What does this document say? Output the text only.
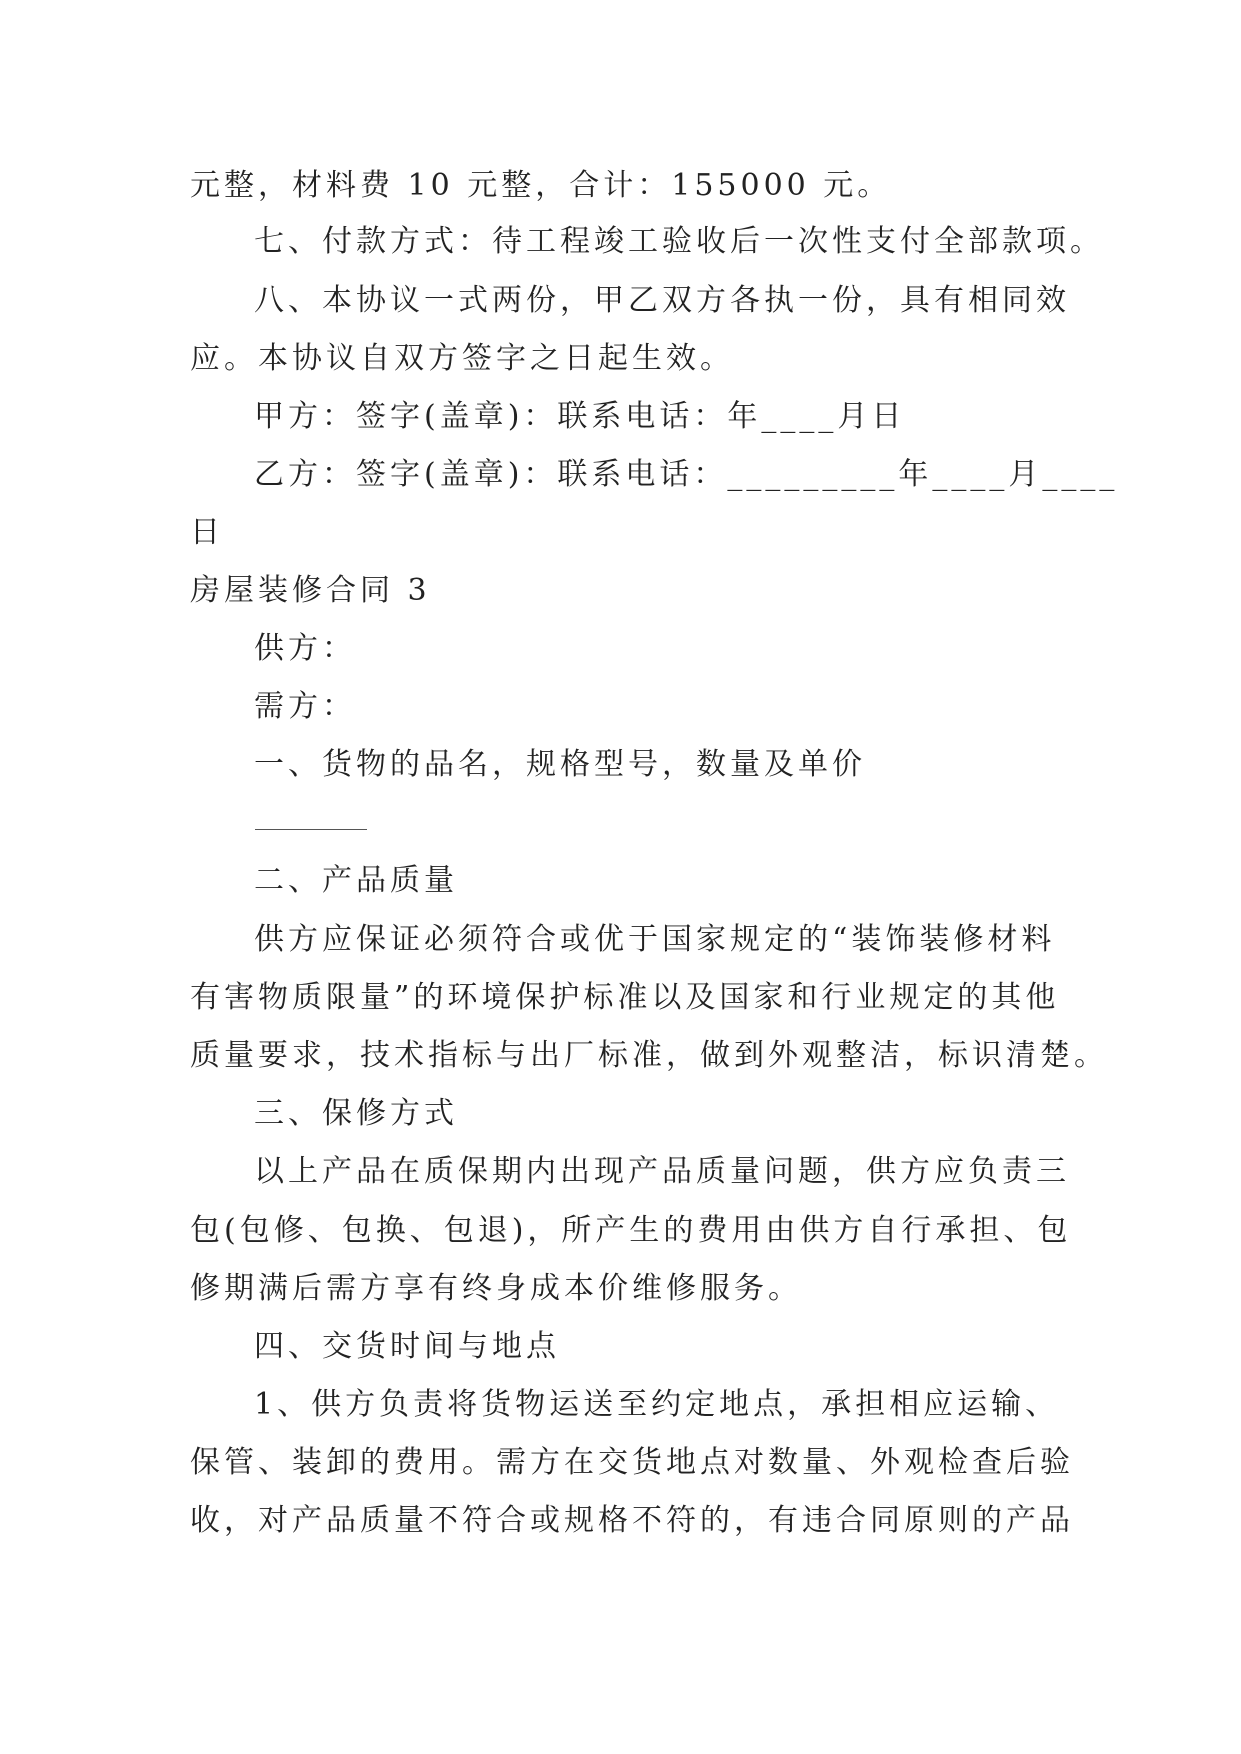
元整，材料费 10 元整，合计：155000 元。
七、付款方式：待工程竣工验收后一次性支付全部款项。
八、本协议一式两份，甲乙双方各执一份，具有相同效
应。本协议自双方签字之日起生效。
甲方：签字(盖章)：联系电话：年____月日
乙方：签字(盖章)：联系电话：_________年____月____
日
房屋装修合同 3
供方：
需方：
一、货物的品名，规格型号，数量及单价
二、产品质量
供方应保证必须符合或优于国家规定的“装饰装修材料
有害物质限量”的环境保护标准以及国家和行业规定的其他
质量要求，技术指标与出厂标准，做到外观整洁，标识清楚。
三、保修方式
以上产品在质保期内出现产品质量问题，供方应负责三
包(包修、包换、包退)，所产生的费用由供方自行承担、包
修期满后需方享有终身成本价维修服务。
四、交货时间与地点
1、供方负责将货物运送至约定地点，承担相应运输、
保管、装卸的费用。需方在交货地点对数量、外观检查后验
收，对产品质量不符合或规格不符的，有违合同原则的产品
